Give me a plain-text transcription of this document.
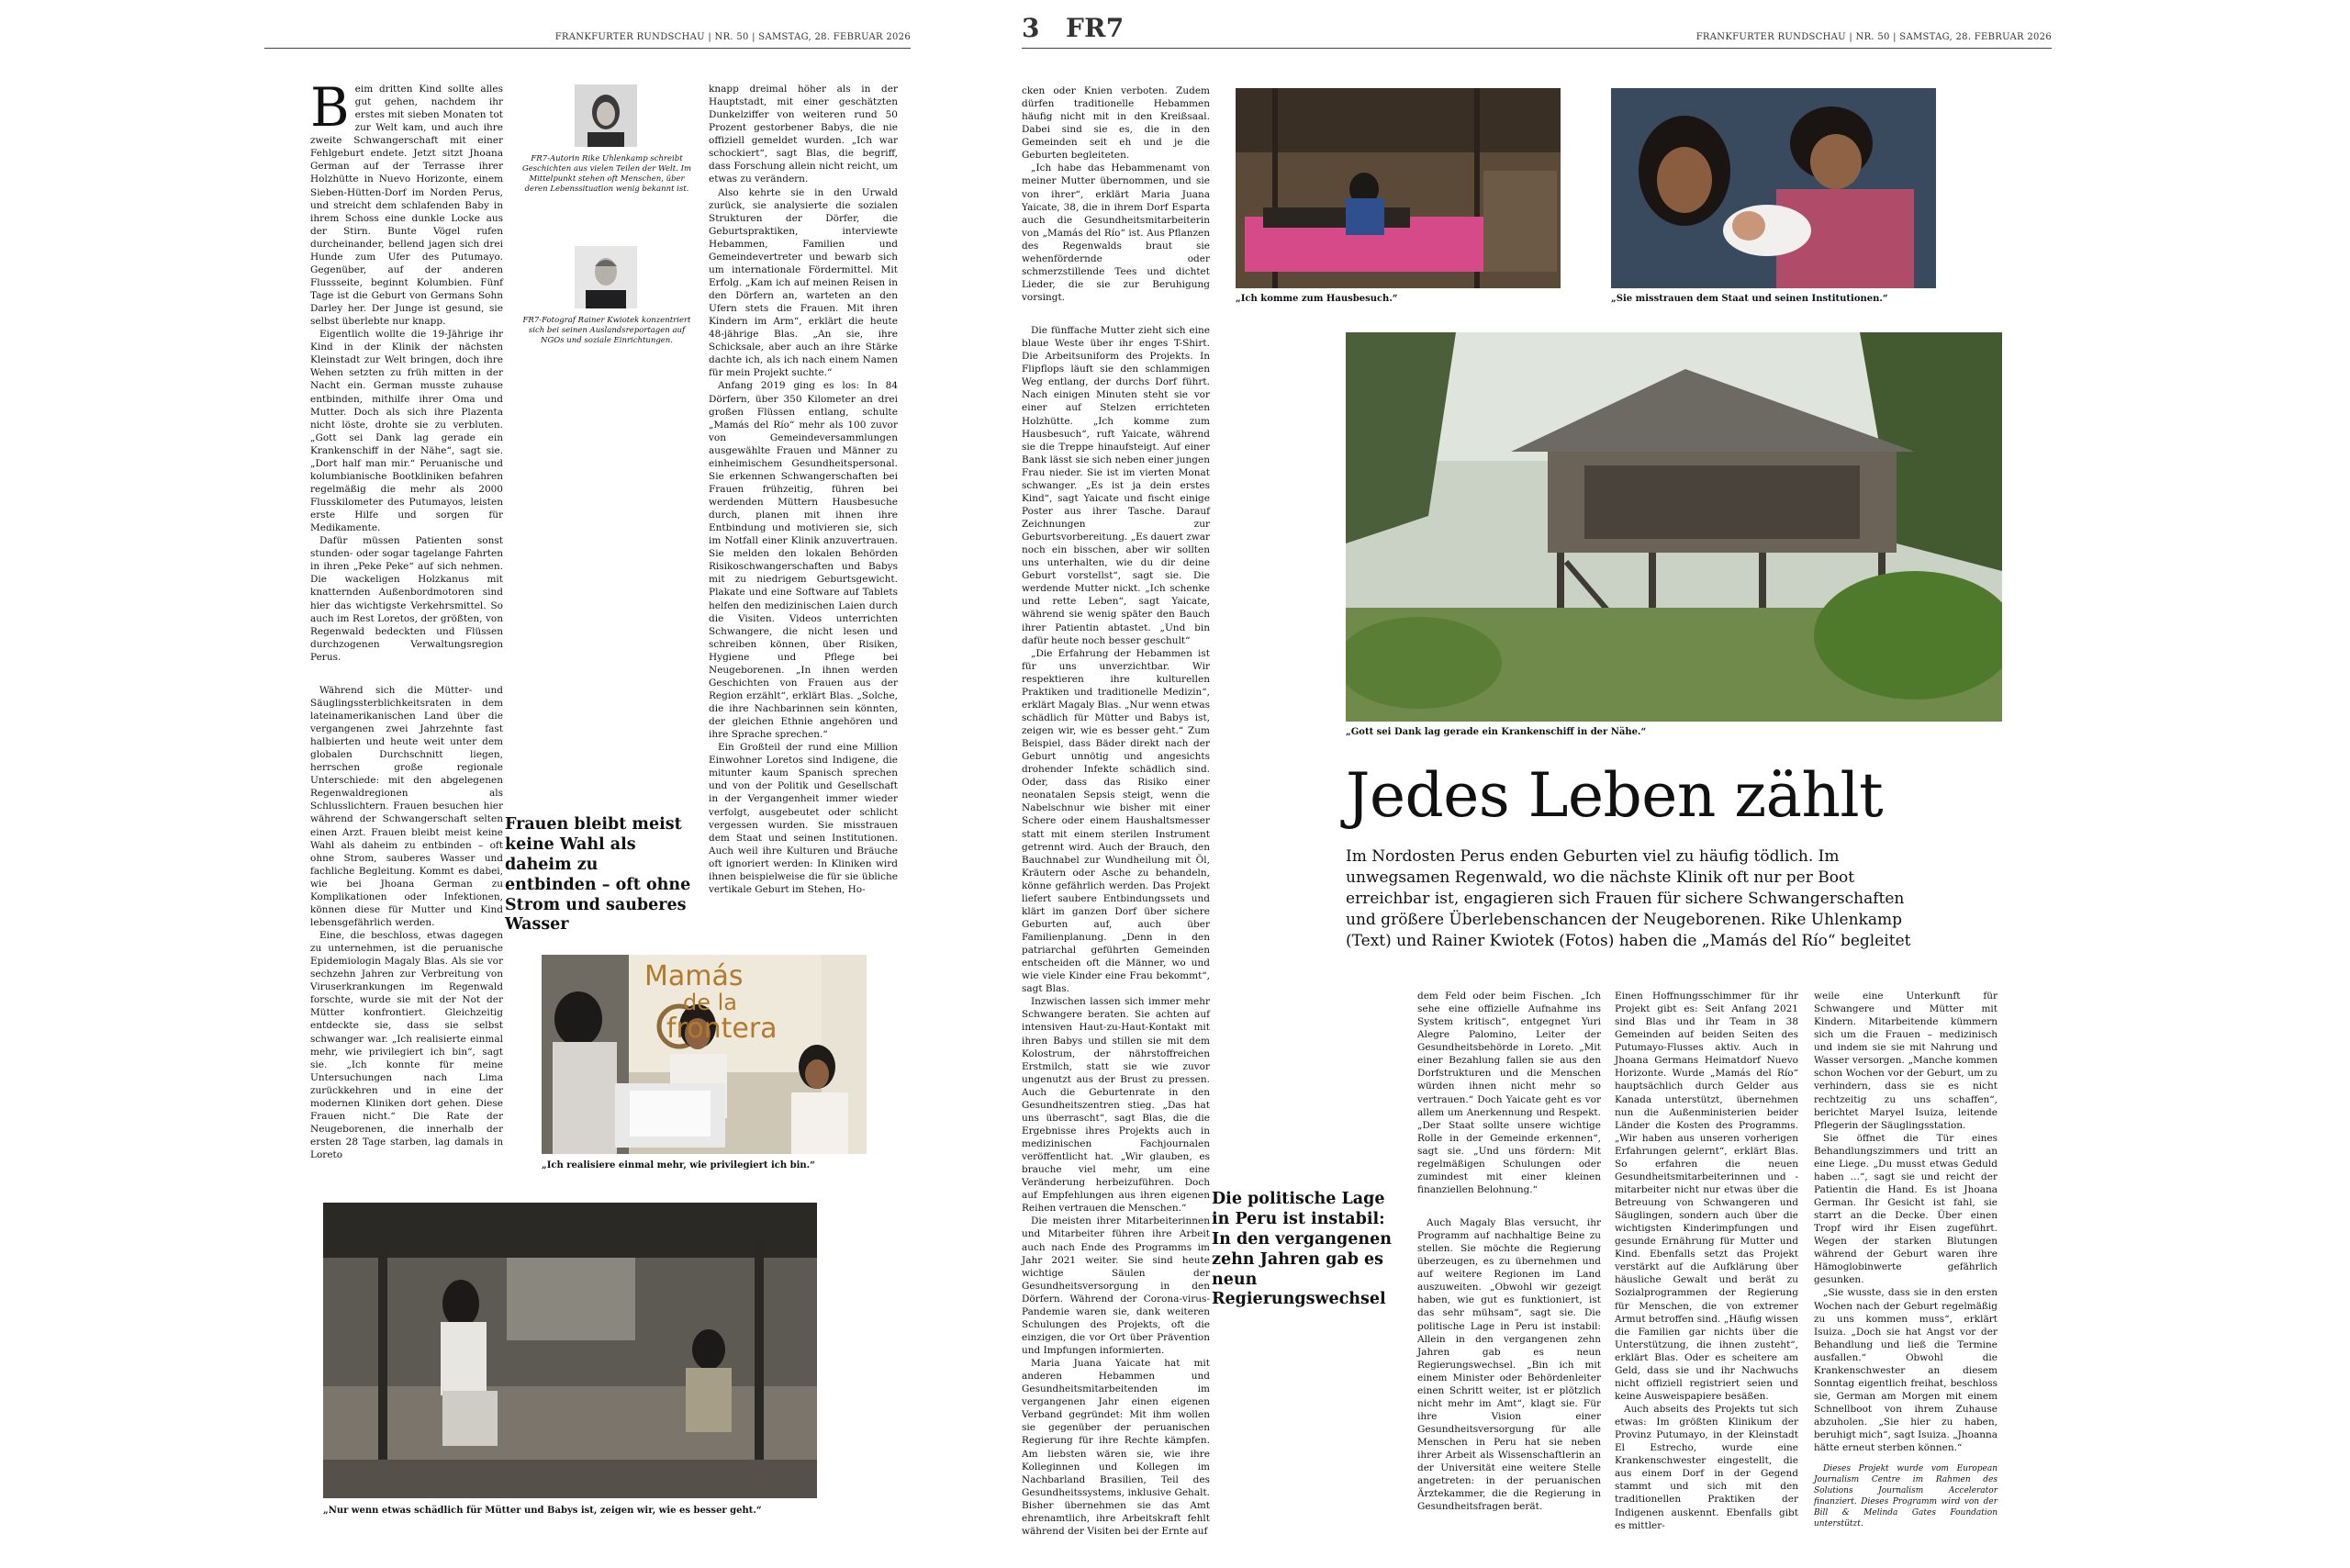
FRANKFURTER RUNDSCHAU | NR. 50 | SAMSTAG, 28. FEBRUAR 2026

Beim dritten Kind sollte alles gut gehen, nachdem ihr erstes mit sieben Monaten tot zur Welt kam, und auch ihre zweite Schwangerschaft mit einer Fehlgeburt endete. Jetzt sitzt Jhoana German auf der Terrasse ihrer Holzhütte in Nuevo Horizonte, einem Sieben-Hütten-Dorf im Norden Perus, und streicht dem schlafenden Baby in ihrem Schoss eine dunkle Locke aus der Stirn. Bunte Vögel rufen durcheinander, bellend jagen sich drei Hunde zum Ufer des Putumayo. Gegenüber, auf der anderen Flussseite, beginnt Kolumbien. Fünf Tage ist die Geburt von Germans Sohn Darley her. Der Junge ist gesund, sie selbst überlebte nur knapp.

Eigentlich wollte die 19-Jährige ihr Kind in der Klinik der nächsten Kleinstadt zur Welt bringen, doch ihre Wehen setzten zu früh mitten in der Nacht ein. German musste zuhause entbinden, mithilfe ihrer Oma und Mutter. Doch als sich ihre Plazenta nicht löste, drohte sie zu verbluten. „Gott sei Dank lag gerade ein Krankenschiff in der Nähe“, sagt sie. „Dort half man mir.“ Peruanische und kolumbianische Bootkliniken befahren regelmäßig die mehr als 2000 Flusskilometer des Putumayos, leisten erste Hilfe und sorgen für Medikamente.

Dafür müssen Patienten sonst stunden- oder sogar tagelange Fahrten in ihren „Peke Peke“ auf sich nehmen. Die wackeligen Holzkanus mit knatternden Außenbordmotoren sind hier das wichtigste Verkehrsmittel. So auch im Rest Loretos, der größten, von Regenwald bedeckten und Flüssen durchzogenen Verwaltungsregion Perus.

Während sich die Mütter- und Säuglingssterblichkeitsraten in dem lateinamerikanischen Land über die vergangenen zwei Jahrzehnte fast halbierten und heute weit unter dem globalen Durchschnitt liegen, herrschen große regionale Unterschiede: mit den abgelegenen Regenwaldregionen als Schlusslichtern. Frauen besuchen hier während der Schwangerschaft selten einen Arzt. Frauen bleibt meist keine Wahl als daheim zu entbinden – oft ohne Strom, sauberes Wasser und fachliche Begleitung. Kommt es dabei, wie bei Jhoana German zu Komplikationen oder Infektionen, können diese für Mutter und Kind lebensgefährlich werden.

Eine, die beschloss, etwas dagegen zu unternehmen, ist die peruanische Epidemiologin Magaly Blas. Als sie vor sechzehn Jahren zur Verbreitung von Viruserkrankungen im Regenwald forschte, wurde sie mit der Not der Mütter konfrontiert. Gleichzeitig entdeckte sie, dass sie selbst schwanger war. „Ich realisierte einmal mehr, wie privilegiert ich bin“, sagt sie. „Ich konnte für meine Untersuchungen nach Lima zurückkehren und in eine der modernen Kliniken dort gehen. Diese Frauen nicht.“ Die Rate der Neugeborenen, die innerhalb der ersten 28 Tage starben, lag damals in Loreto

FR7-Autorin Rike Uhlenkamp schreibt Geschichten aus vielen Teilen der Welt. Im Mittelpunkt stehen oft Menschen, über deren Lebenssituation wenig bekannt ist.
FR7-Fotograf Rainer Kwiotek konzentriert sich bei seinen Auslandsreportagen auf NGOs und soziale Einrichtungen.
Frauen bleibt meist keine Wahl als daheim zu entbinden – oft ohne Strom und sauberes Wasser

knapp dreimal höher als in der Hauptstadt, mit einer geschätzten Dunkelziffer von weiteren rund 50 Prozent gestorbener Babys, die nie offiziell gemeldet wurden. „Ich war schockiert“, sagt Blas, die begriff, dass Forschung allein nicht reicht, um etwas zu verändern.

Also kehrte sie in den Urwald zurück, sie analysierte die sozialen Strukturen der Dörfer, die Geburtspraktiken, interviewte Hebammen, Familien und Gemeindevertreter und bewarb sich um internationale Fördermittel. Mit Erfolg. „Kam ich auf meinen Reisen in den Dörfern an, warteten an den Ufern stets die Frauen. Mit ihren Kindern im Arm“, erklärt die heute 48-jährige Blas. „An sie, ihre Schicksale, aber auch an ihre Stärke dachte ich, als ich nach einem Namen für mein Projekt suchte.“

Anfang 2019 ging es los: In 84 Dörfern, über 350 Kilometer an drei großen Flüssen entlang, schulte „Mamás del Río“ mehr als 100 zuvor von Gemeindeversammlungen ausgewählte Frauen und Männer zu einheimischem Gesundheitspersonal. Sie erkennen Schwangerschaften bei Frauen frühzeitig, führen bei werdenden Müttern Hausbesuche durch, planen mit ihnen ihre Entbindung und motivieren sie, sich im Notfall einer Klinik anzuvertrauen. Sie melden den lokalen Behörden Risikoschwangerschaften und Babys mit zu niedrigem Geburtsgewicht. Plakate und eine Software auf Tablets helfen den medizinischen Laien durch die Visiten. Videos unterrichten Schwangere, die nicht lesen und schreiben können, über Risiken, Hygiene und Pflege bei Neugeborenen. „In ihnen werden Geschichten von Frauen aus der Region erzählt“, erklärt Blas. „Solche, die ihre Nachbarinnen sein könnten, der gleichen Ethnie angehören und ihre Sprache sprechen.“

Ein Großteil der rund eine Million Einwohner Loretos sind Indigene, die mitunter kaum Spanisch sprechen und von der Politik und Gesellschaft in der Vergangenheit immer wieder verfolgt, ausgebeutet oder schlicht vergessen wurden. Sie misstrauen dem Staat und seinen Institutionen. Auch weil ihre Kulturen und Bräuche oft ignoriert werden: In Kliniken wird ihnen beispielweise die für sie übliche vertikale Geburt im Stehen, Ho-

Mamás
de la
frontera
„Ich realisiere einmal mehr, wie privilegiert ich bin.“
„Nur wenn etwas schädlich für Mütter und Babys ist, zeigen wir, wie es besser geht.“
3 FR7	FRANKFURTER RUNDSCHAU | NR. 50 | SAMSTAG, 28. FEBRUAR 2026

cken oder Knien verboten. Zudem dürfen traditionelle Hebammen häufig nicht mit in den Kreißsaal. Dabei sind sie es, die in den Gemeinden seit eh und je die Geburten begleiteten.

„Ich habe das Hebammenamt von meiner Mutter übernommen, und sie von ihrer“, erklärt Maria Juana Yaicate, 38, die in ihrem Dorf Esparta auch die Gesundheitsmitarbeiterin von „Mamás del Río“ ist. Aus Pflanzen des Regenwalds braut sie wehenfördernde oder schmerzstillende Tees und dichtet Lieder, die sie zur Beruhigung vorsingt.

Die fünffache Mutter zieht sich eine blaue Weste über ihr enges T-Shirt. Die Arbeitsuniform des Projekts. In Flipflops läuft sie den schlammigen Weg entlang, der durchs Dorf führt. Nach einigen Minuten steht sie vor einer auf Stelzen errichteten Holzhütte. „Ich komme zum Hausbesuch“, ruft Yaicate, während sie die Treppe hinaufsteigt. Auf einer Bank lässt sie sich neben einer jungen Frau nieder. Sie ist im vierten Monat schwanger. „Es ist ja dein erstes Kind“, sagt Yaicate und fischt einige Poster aus ihrer Tasche. Darauf Zeichnungen zur Geburtsvorbereitung. „Es dauert zwar noch ein bisschen, aber wir sollten uns unterhalten, wie du dir deine Geburt vorstellst“, sagt sie. Die werdende Mutter nickt. „Ich schenke und rette Leben“, sagt Yaicate, während sie wenig später den Bauch ihrer Patientin abtastet. „Und bin dafür heute noch besser geschult“

„Die Erfahrung der Hebammen ist für uns unverzichtbar. Wir respektieren ihre kulturellen Praktiken und traditionelle Medizin“, erklärt Magaly Blas. „Nur wenn etwas schädlich für Mütter und Babys ist, zeigen wir, wie es besser geht.“ Zum Beispiel, dass Bäder direkt nach der Geburt unnötig und angesichts drohender Infekte schädlich sind. Oder, dass das Risiko einer neonatalen Sepsis steigt, wenn die Nabelschnur wie bisher mit einer Schere oder einem Haushaltsmesser statt mit einem sterilen Instrument getrennt wird. Auch der Brauch, den Bauchnabel zur Wundheilung mit Öl, Kräutern oder Asche zu behandeln, könne gefährlich werden. Das Projekt liefert saubere Entbindungssets und klärt im ganzen Dorf über sichere Geburten auf, auch über Familienplanung. „Denn in den patriarchal geführten Gemeinden entscheiden oft die Männer, wo und wie viele Kinder eine Frau bekommt“, sagt Blas.

Inzwischen lassen sich immer mehr Schwangere beraten. Sie achten auf intensiven Haut-zu-Haut-Kontakt mit ihren Babys und stillen sie mit dem Kolostrum, der nährstoffreichen Erstmilch, statt sie wie zuvor ungenutzt aus der Brust zu pressen. Auch die Geburtenrate in den Gesundheitszentren stieg. „Das hat uns überrascht“, sagt Blas, die die Ergebnisse ihres Projekts auch in medizinischen Fachjournalen veröffentlicht hat. „Wir glauben, es brauche viel mehr, um eine Veränderung herbeizuführen. Doch auf Empfehlungen aus ihren eigenen Reihen vertrauen die Menschen.“

Die meisten ihrer Mitarbeiterinnen und Mitarbeiter führen ihre Arbeit auch nach Ende des Programms im Jahr 2021 weiter. Sie sind heute wichtige Säulen der Gesundheitsversorgung in den Dörfern. Während der Corona-virus-Pandemie waren sie, dank weiteren Schulungen des Projekts, oft die einzigen, die vor Ort über Prävention und Impfungen informierten.

Maria Juana Yaicate hat mit anderen Hebammen und Gesundheitsmitarbeitenden im vergangenen Jahr einen eigenen Verband gegründet: Mit ihm wollen sie gegenüber der peruanischen Regierung für ihre Rechte kämpfen. Am liebsten wären sie, wie ihre Kolleginnen und Kollegen im Nachbarland Brasilien, Teil des Gesundheitssystems, inklusive Gehalt. Bisher übernehmen sie das Amt ehrenamtlich, ihre Arbeitskraft fehlt während der Visiten bei der Ernte auf

„Ich komme zum Hausbesuch.“	„Sie misstrauen dem Staat und seinen Institutionen.“
„Gott sei Dank lag gerade ein Krankenschiff in der Nähe.“
Jedes Leben zählt
Im Nordosten Perus enden Geburten viel zu häufig tödlich. Im unwegsamen Regenwald, wo die nächste Klinik oft nur per Boot erreichbar ist, engagieren sich Frauen für sichere Schwangerschaften und größere Überlebenschancen der Neugeborenen. Rike Uhlenkamp (Text) und Rainer Kwiotek (Fotos) haben die „Mamás del Río“ begleitet
Die politische Lage in Peru ist instabil: In den vergangenen zehn Jahren gab es neun Regierungswechsel

dem Feld oder beim Fischen. „Ich sehe eine offizielle Aufnahme ins System kritisch“, entgegnet Yuri Alegre Palomino, Leiter der Gesundheitsbehörde in Loreto. „Mit einer Bezahlung fallen sie aus den Dorfstrukturen und die Menschen würden ihnen nicht mehr so vertrauen.“ Doch Yaicate geht es vor allem um Anerkennung und Respekt. „Der Staat sollte unsere wichtige Rolle in der Gemeinde erkennen“, sagt sie. „Und uns fördern: Mit regelmäßigen Schulungen oder zumindest mit einer kleinen finanziellen Belohnung.“

Auch Magaly Blas versucht, ihr Programm auf nachhaltige Beine zu stellen. Sie möchte die Regierung überzeugen, es zu übernehmen und auf weitere Regionen im Land auszuweiten. „Obwohl wir gezeigt haben, wie gut es funktioniert, ist das sehr mühsam“, sagt sie. Die politische Lage in Peru ist instabil: Allein in den vergangenen zehn Jahren gab es neun Regierungswechsel. „Bin ich mit einem Minister oder Behördenleiter einen Schritt weiter, ist er plötzlich nicht mehr im Amt“, klagt sie. Für ihre Vision einer Gesundheitsversorgung für alle Menschen in Peru hat sie neben ihrer Arbeit als Wissenschaftlerin an der Universität eine weitere Stelle angetreten: in der peruanischen Ärztekammer, die die Regierung in Gesundheitsfragen berät.

Einen Hoffnungsschimmer für ihr Projekt gibt es: Seit Anfang 2021 sind Blas und ihr Team in 38 Gemeinden auf beiden Seiten des Putumayo-Flusses aktiv. Auch in Jhoana Germans Heimatdorf Nuevo Horizonte. Wurde „Mamás del Río“ hauptsächlich durch Gelder aus Kanada unterstützt, übernehmen nun die Außenministerien beider Länder die Kosten des Programms. „Wir haben aus unseren vorherigen Erfahrungen gelernt“, erklärt Blas. So erfahren die neuen Gesundheitsmitarbeiterinnen und -mitarbeiter nicht nur etwas über die Betreuung von Schwangeren und Säuglingen, sondern auch über die wichtigsten Kinderimpfungen und gesunde Ernährung für Mutter und Kind. Ebenfalls setzt das Projekt verstärkt auf die Aufklärung über häusliche Gewalt und berät zu Sozialprogrammen der Regierung für Menschen, die von extremer Armut betroffen sind. „Häufig wissen die Familien gar nichts über die Unterstützung, die ihnen zusteht“, erklärt Blas. Oder es scheitere am Geld, dass sie und ihr Nachwuchs nicht offiziell registriert seien und keine Ausweispapiere besäßen.

Auch abseits des Projekts tut sich etwas: Im größten Klinikum der Provinz Putumayo, in der Kleinstadt El Estrecho, wurde eine Krankenschwester eingestellt, die aus einem Dorf in der Gegend stammt und sich mit den traditionellen Praktiken der Indigenen auskennt. Ebenfalls gibt es mittler-

weile eine Unterkunft für Schwangere und Mütter mit Kindern. Mitarbeitende kümmern sich um die Frauen – medizinisch und indem sie sie mit Nahrung und Wasser versorgen. „Manche kommen schon Wochen vor der Geburt, um zu verhindern, dass sie es nicht rechtzeitig zu uns schaffen“, berichtet Maryel Isuiza, leitende Pflegerin der Säuglingsstation.

Sie öffnet die Tür eines Behandlungszimmers und tritt an eine Liege. „Du musst etwas Geduld haben …“, sagt sie und reicht der Patientin die Hand. Es ist Jhoana German. Ihr Gesicht ist fahl, sie starrt an die Decke. Über einen Tropf wird ihr Eisen zugeführt. Wegen der starken Blutungen während der Geburt waren ihre Hämoglobinwerte gefährlich gesunken.

„Sie wusste, dass sie in den ersten Wochen nach der Geburt regelmäßig zu uns kommen muss“, erklärt Isuiza. „Doch sie hat Angst vor der Behandlung und ließ die Termine ausfallen.“ Obwohl die Krankenschwester an diesem Sonntag eigentlich freihat, beschloss sie, German am Morgen mit einem Schnellboot von ihrem Zuhause abzuholen. „Sie hier zu haben, beruhigt mich“, sagt Isuiza. „Jhoanna hätte erneut sterben können.“

Dieses Projekt wurde vom European Journalism Centre im Rahmen des Solutions Journalism Accelerator finanziert. Dieses Programm wird von der Bill & Melinda Gates Foundation unterstützt.
